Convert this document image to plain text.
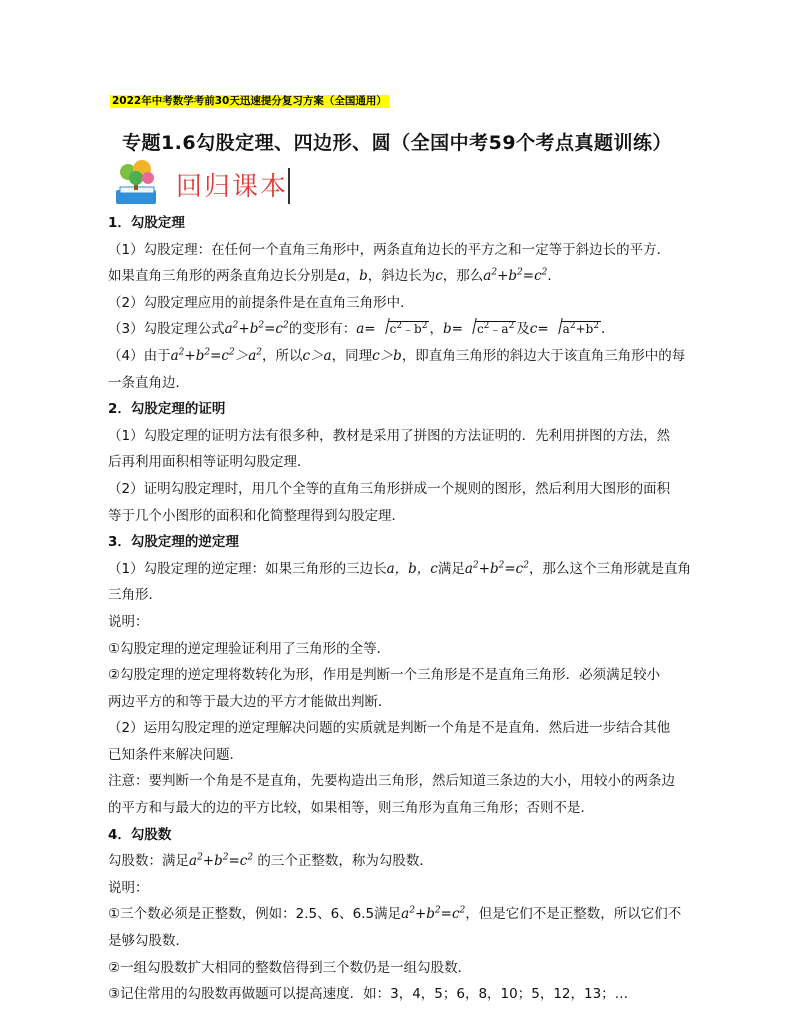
2022年中考数学考前30天迅速提分复习方案（全国通用）
专题1.6勾股定理、四边形、圆（全国中考59个考点真题训练）
回归课本
1．勾股定理
（1）勾股定理：在任何一个直角三角形中，两条直角边长的平方之和一定等于斜边长的平方．
如果直角三角形的两条直角边长分别是a，b，斜边长为c，那么$a^2+b^2=c^2$．
（2）勾股定理应用的前提条件是在直角三角形中．
（3）勾股定理公式$a^2+b^2=c^2$的变形有：$a= c^2﹣b^2$ ，$b= c^2﹣a^2$ 及$c= a^2+b^2$ ．
（4）由于$a^2+b^2=c^2>a^2$，所以c＞a，同理c＞b，即直角三角形的斜边大于该直角三角形中的每
一条直角边．
2．勾股定理的证明
（1）勾股定理的证明方法有很多种，教材是采用了拼图的方法证明的．先利用拼图的方法，然
后再利用面积相等证明勾股定理．
（2）证明勾股定理时，用几个全等的直角三角形拼成一个规则的图形，然后利用大图形的面积
等于几个小图形的面积和化简整理得到勾股定理．
3．勾股定理的逆定理
（1）勾股定理的逆定理：如果三角形的三边长a，b，c满足$a^2+b^2=c^2$，那么这个三角形就是直角
三角形．
说明：
①勾股定理的逆定理验证利用了三角形的全等．
②勾股定理的逆定理将数转化为形，作用是判断一个三角形是不是直角三角形．必须满足较小
两边平方的和等于最大边的平方才能做出判断．
（2）运用勾股定理的逆定理解决问题的实质就是判断一个角是不是直角．然后进一步结合其他
已知条件来解决问题．
注意：要判断一个角是不是直角，先要构造出三角形，然后知道三条边的大小，用较小的两条边
的平方和与最大的边的平方比较，如果相等，则三角形为直角三角形；否则不是．
4．勾股数
勾股数：满足$a^2+b^2=c^2$ 的三个正整数，称为勾股数．
说明：
①三个数必须是正整数，例如：2.5、6、6.5满足$a^2+b^2=c^2$，但是它们不是正整数，所以它们不
是够勾股数．
②一组勾股数扩大相同的整数倍得到三个数仍是一组勾股数．
③记住常用的勾股数再做题可以提高速度．如：3，4，5；6，8，10；5，12，13；…
